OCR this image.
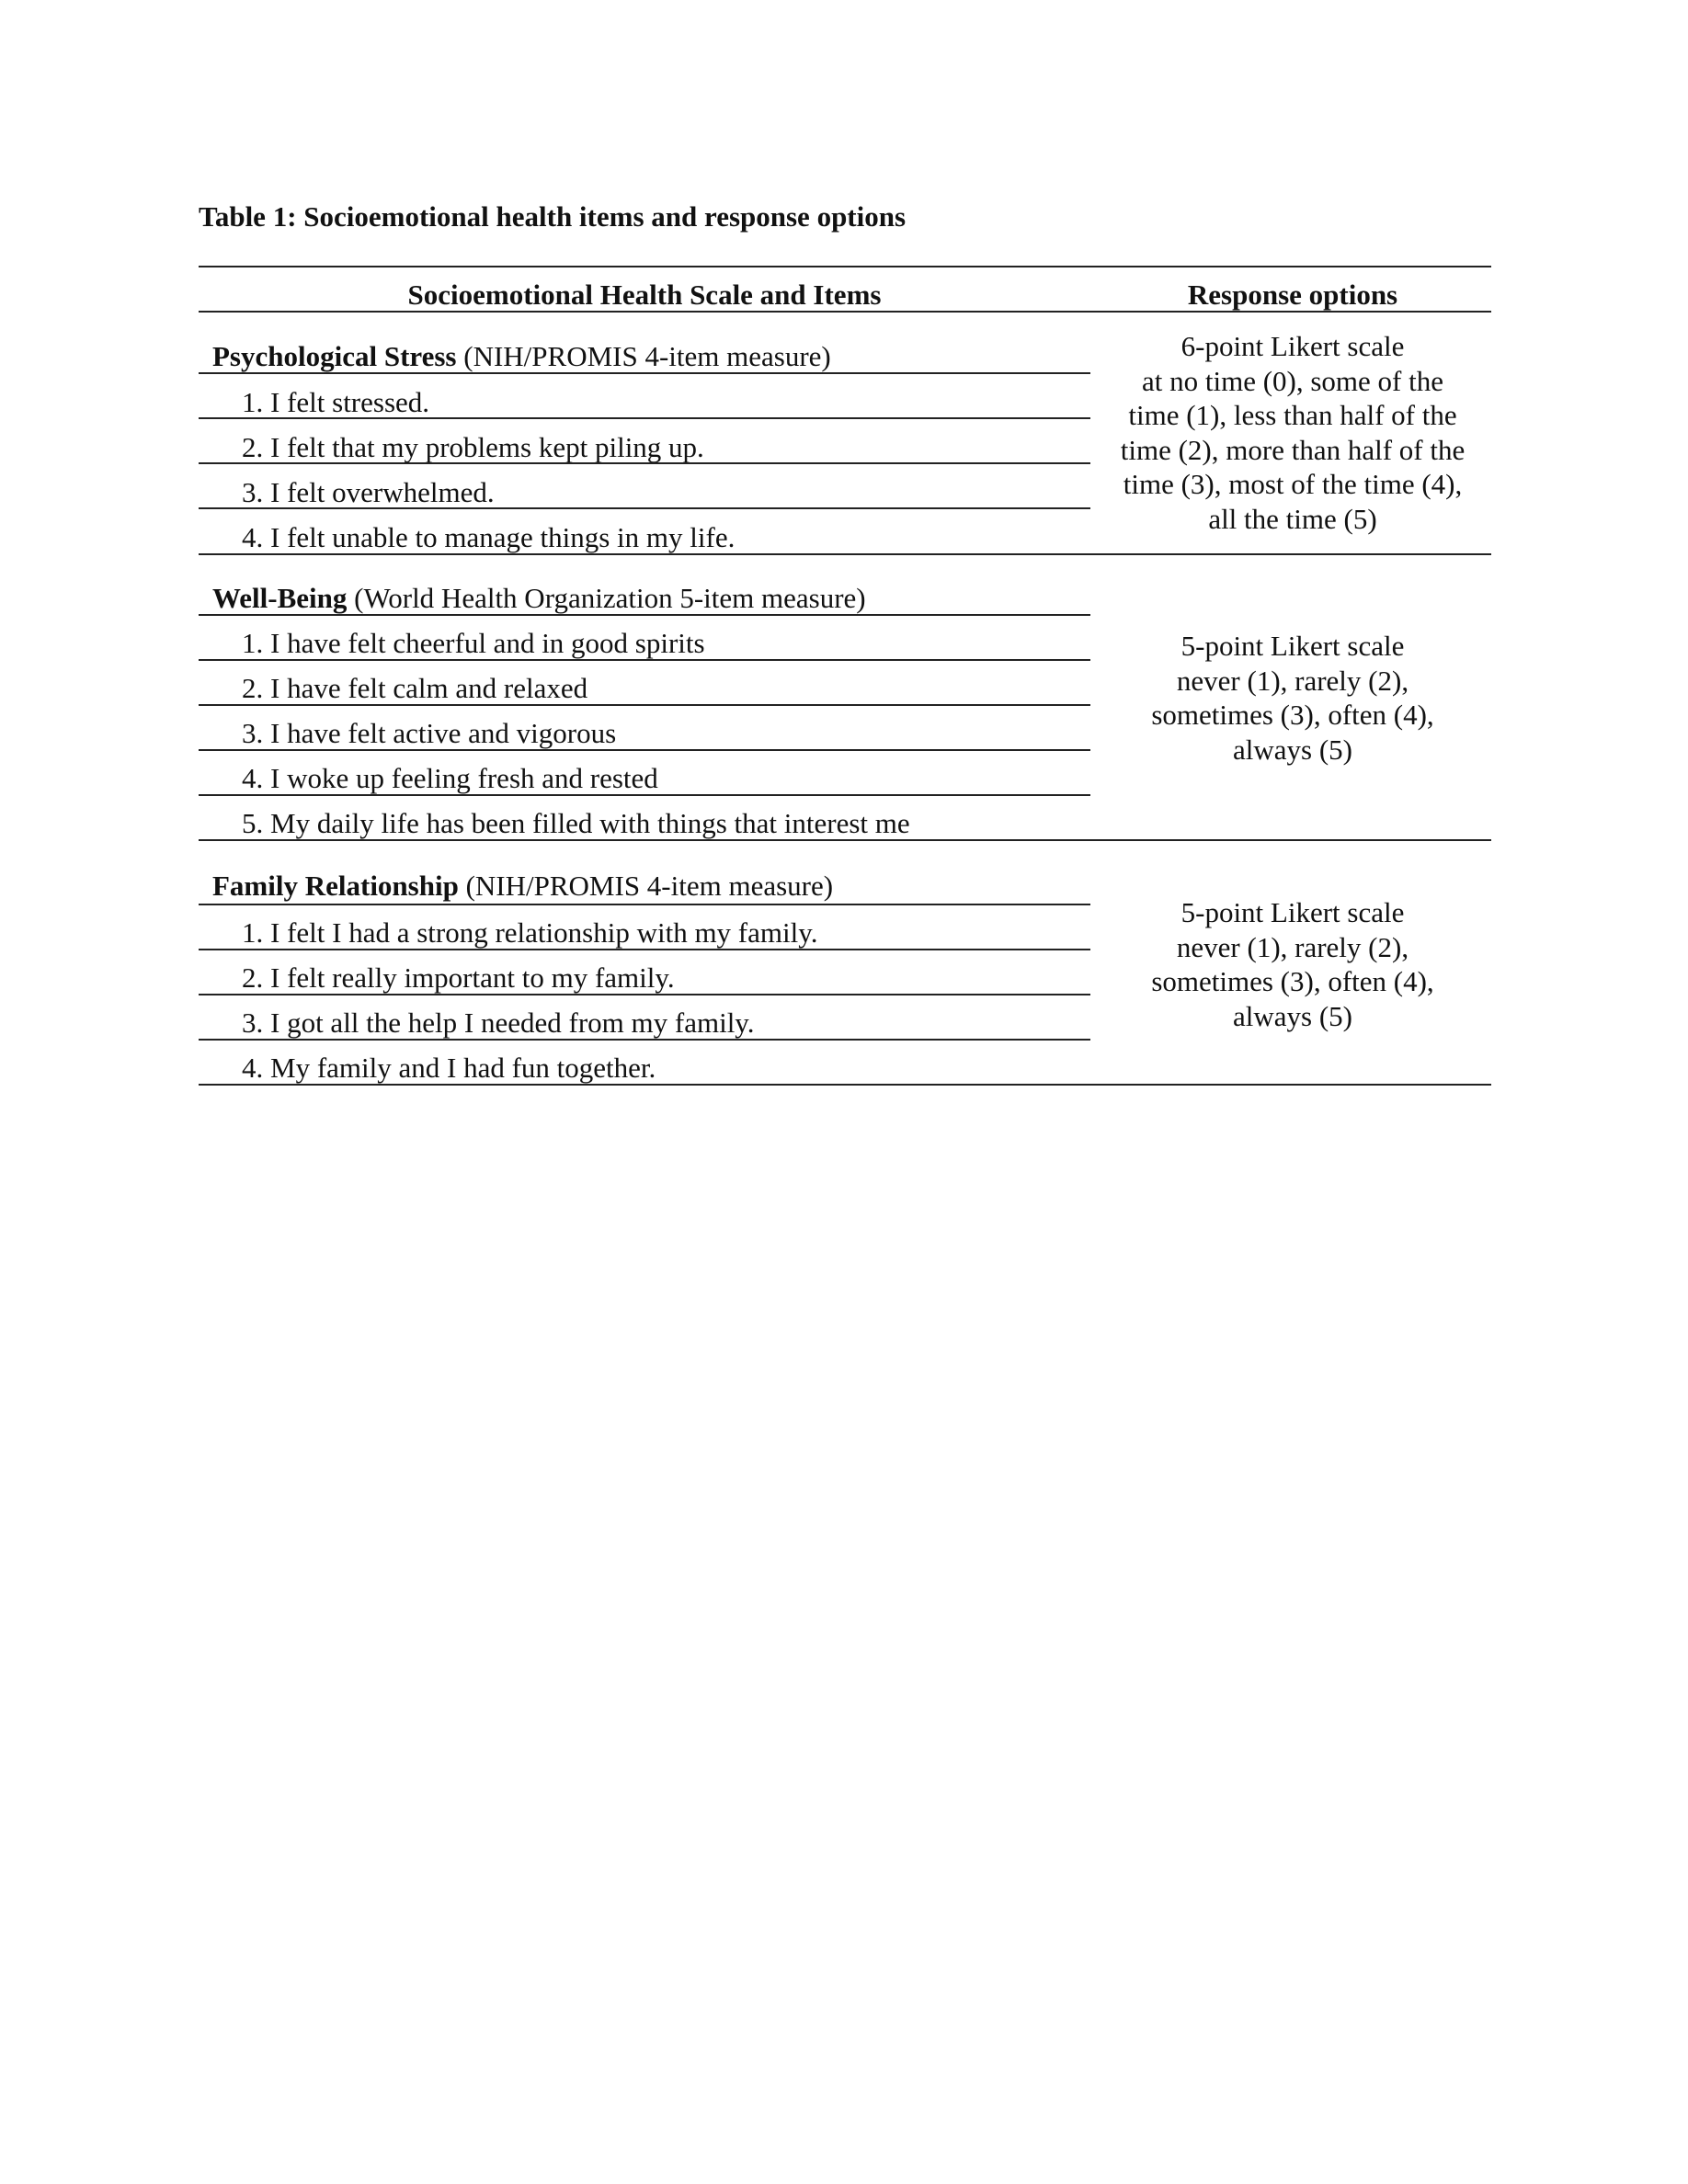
Table 1: Socioemotional health items and response options
Socioemotional Health Scale and Items	Response options
Psychological Stress (NIH/PROMIS 4-item measure)
1. I felt stressed.
2. I felt that my problems kept piling up.
3. I felt overwhelmed.
4. I felt unable to manage things in my life.
6-point Likert scale
at no time (0), some of the
time (1), less than half of the
time (2), more than half of the
time (3), most of the time (4),
all the time (5)
Well-Being (World Health Organization 5-item measure)
1. I have felt cheerful and in good spirits
2. I have felt calm and relaxed
3. I have felt active and vigorous
4. I woke up feeling fresh and rested
5. My daily life has been filled with things that interest me
5-point Likert scale
never (1), rarely (2),
sometimes (3), often (4),
always (5)
Family Relationship (NIH/PROMIS 4-item measure)
1. I felt I had a strong relationship with my family.
2. I felt really important to my family.
3. I got all the help I needed from my family.
4. My family and I had fun together.
5-point Likert scale
never (1), rarely (2),
sometimes (3), often (4),
always (5)
